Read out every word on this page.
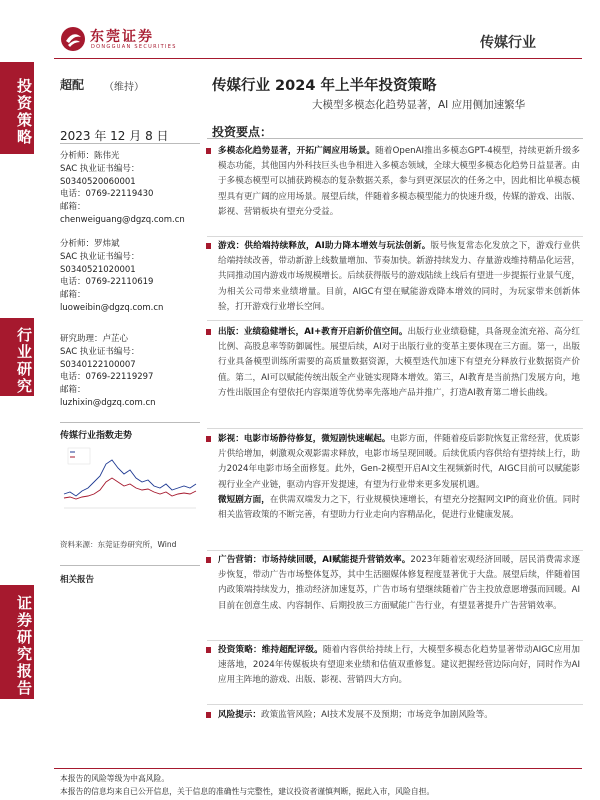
东莞证券
DONGGUAN SECURITIES	传媒行业
投资策略
行业研究
证券研究报告
超配 （维持）	传媒行业 2024 年上半年投资策略
大模型多模态化趋势显著，AI 应用侧加速繁华
2023 年 12 月 8 日
分析师：陈伟光
SAC 执业证书编号：
S0340520060001
电话：0769-22119430
邮箱：
chenweiguang@dgzq.com.cn
分析师：罗炜斌
SAC 执业证书编号：
S0340521020001
电话：0769-22110619
邮箱：
luoweibin@dgzq.com.cn
研究助理：卢芷心
SAC 执业证书编号：
S0340122100007
电话：0769-22119297
邮箱：
luzhixin@dgzq.com.cn
传媒行业指数走势
资料来源：东莞证券研究所，Wind
相关报告
投资要点：
多模态化趋势显著，开拓广阔应用场景。随着OpenAI推出多模态GPT-4模型，持续更新升级多模态功能，其他国内外科技巨头也争相进入多模态领域，全球大模型多模态化趋势日益显著。由于多模态模型可以捕获跨模态的复杂数据关系，参与到更深层次的任务之中，因此相比单模态模型具有更广阔的应用场景。展望后续，伴随着多模态模型能力的快速升级，传媒的游戏、出版、影视、营销板块有望充分受益。
游戏：供给端持续释放，AI助力降本增效与玩法创新。版号恢复常态化发放之下，游戏行业供给端持续改善，带动新游上线数量增加、节奏加快。新游持续发力、存量游戏维持精品化运营，共同推动国内游戏市场规模增长。后续获得版号的游戏陆续上线后有望进一步提振行业景气度，为相关公司带来业绩增量。目前，AIGC有望在赋能游戏降本增效的同时，为玩家带来创新体验，打开游戏行业增长空间。
出版：业绩稳健增长，AI+教育开启新价值空间。出版行业业绩稳健，具备现金流充裕、高分红比例、高股息率等防御属性。展望后续，AI对于出版行业的变革主要体现在三方面。第一，出版行业具备模型训练所需要的高质量数据资源，大模型迭代加速下有望充分释放行业数据资产价值。第二，AI可以赋能传统出版全产业链实现降本增效。第三，AI教育是当前热门发展方向，地方性出版国企有望依托内容渠道等优势率先落地产品并推广，打造AI教育第二增长曲线。
影视：电影市场静待修复，微短剧快速崛起。电影方面，伴随着疫后影院恢复正常经营，优质影片供给增加，刺激观众观影需求释放，电影市场呈现回暖。后续优质内容供给有望持续上行，助力2024年电影市场全面修复。此外，Gen-2模型开启AI文生视频新时代，AIGC目前可以赋能影视行业全产业链，驱动内容开发提速，有望为行业带来更多发展机遇。
微短剧方面，在供需双端发力之下，行业规模快速增长，有望充分挖掘网文IP的商业价值。同时相关监管政策的不断完善，有望助力行业走向内容精品化，促进行业健康发展。
广告营销：市场持续回暖，AI赋能提升营销效率。2023年随着宏观经济回暖，居民消费需求逐步恢复，带动广告市场整体复苏，其中生活圈媒体修复程度显著优于大盘。展望后续，伴随着国内政策端持续发力，推动经济加速复苏，广告市场有望继续随着广告主投放意愿增强而回暖。AI目前在创意生成、内容制作、后期投放三方面赋能广告行业，有望显著提升广告营销效率。
投资策略：维持超配评级。随着内容供给持续上行，大模型多模态化趋势显著带动AIGC应用加速落地，2024年传媒板块有望迎来业绩和估值双重修复。建议把握经营边际向好，同时作为AI应用主阵地的游戏、出版、影视、营销四大方向。
风险提示：政策监管风险；AI技术发展不及预期；市场竞争加剧风险等。
本报告的风险等级为中高风险。
本报告的信息均来自已公开信息，关于信息的准确性与完整性，建议投资者谨慎判断，据此入市，风险自担。
